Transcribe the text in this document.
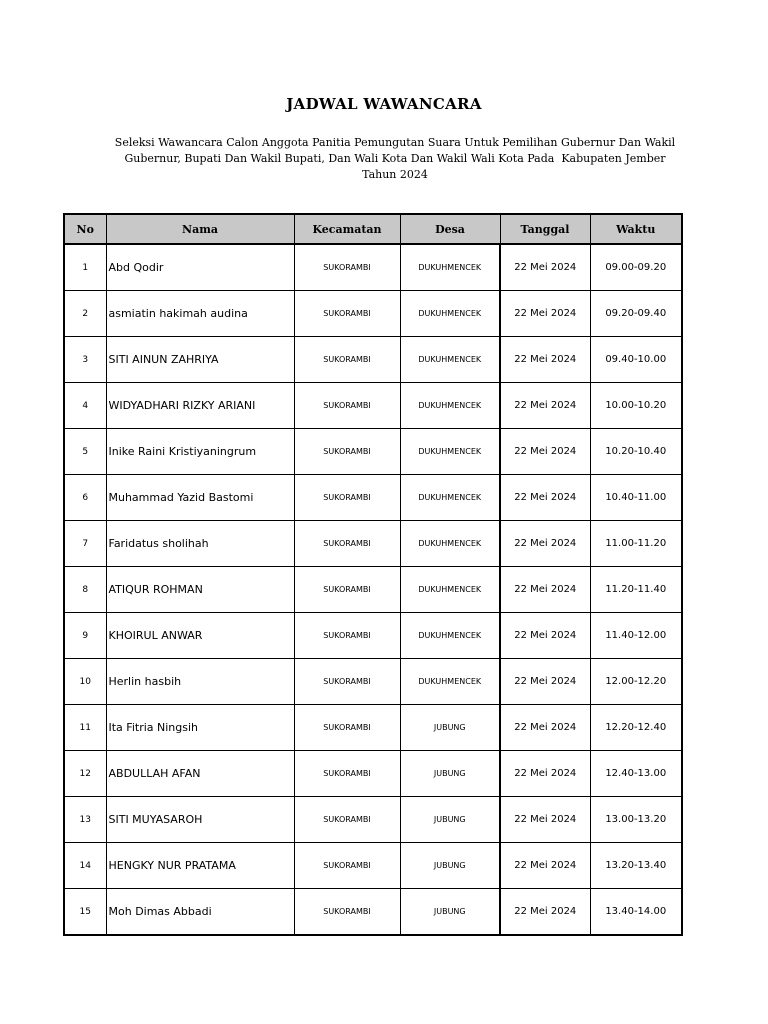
JADWAL WAWANCARA
Seleksi Wawancara Calon Anggota Panitia Pemungutan Suara Untuk Pemilihan Gubernur Dan Wakil
Gubernur, Bupati Dan Wakil Bupati, Dan Wali Kota Dan Wakil Wali Kota Pada  Kabupaten Jember
Tahun 2024
No	Nama	Kecamatan	Desa	Tanggal	Waktu
1	Abd Qodir	SUKORAMBI	DUKUHMENCEK	22 Mei 2024	09.00-09.20
2	asmiatin hakimah audina	SUKORAMBI	DUKUHMENCEK	22 Mei 2024	09.20-09.40
3	SITI AINUN ZAHRIYA	SUKORAMBI	DUKUHMENCEK	22 Mei 2024	09.40-10.00
4	WIDYADHARI RIZKY ARIANI	SUKORAMBI	DUKUHMENCEK	22 Mei 2024	10.00-10.20
5	Inike Raini Kristiyaningrum	SUKORAMBI	DUKUHMENCEK	22 Mei 2024	10.20-10.40
6	Muhammad Yazid Bastomi	SUKORAMBI	DUKUHMENCEK	22 Mei 2024	10.40-11.00
7	Faridatus sholihah	SUKORAMBI	DUKUHMENCEK	22 Mei 2024	11.00-11.20
8	ATIQUR ROHMAN	SUKORAMBI	DUKUHMENCEK	22 Mei 2024	11.20-11.40
9	KHOIRUL ANWAR	SUKORAMBI	DUKUHMENCEK	22 Mei 2024	11.40-12.00
10	Herlin hasbih	SUKORAMBI	DUKUHMENCEK	22 Mei 2024	12.00-12.20
11	Ita Fitria Ningsih	SUKORAMBI	JUBUNG	22 Mei 2024	12.20-12.40
12	ABDULLAH AFAN	SUKORAMBI	JUBUNG	22 Mei 2024	12.40-13.00
13	SITI MUYASAROH	SUKORAMBI	JUBUNG	22 Mei 2024	13.00-13.20
14	HENGKY NUR PRATAMA	SUKORAMBI	JUBUNG	22 Mei 2024	13.20-13.40
15	Moh Dimas Abbadi	SUKORAMBI	JUBUNG	22 Mei 2024	13.40-14.00
